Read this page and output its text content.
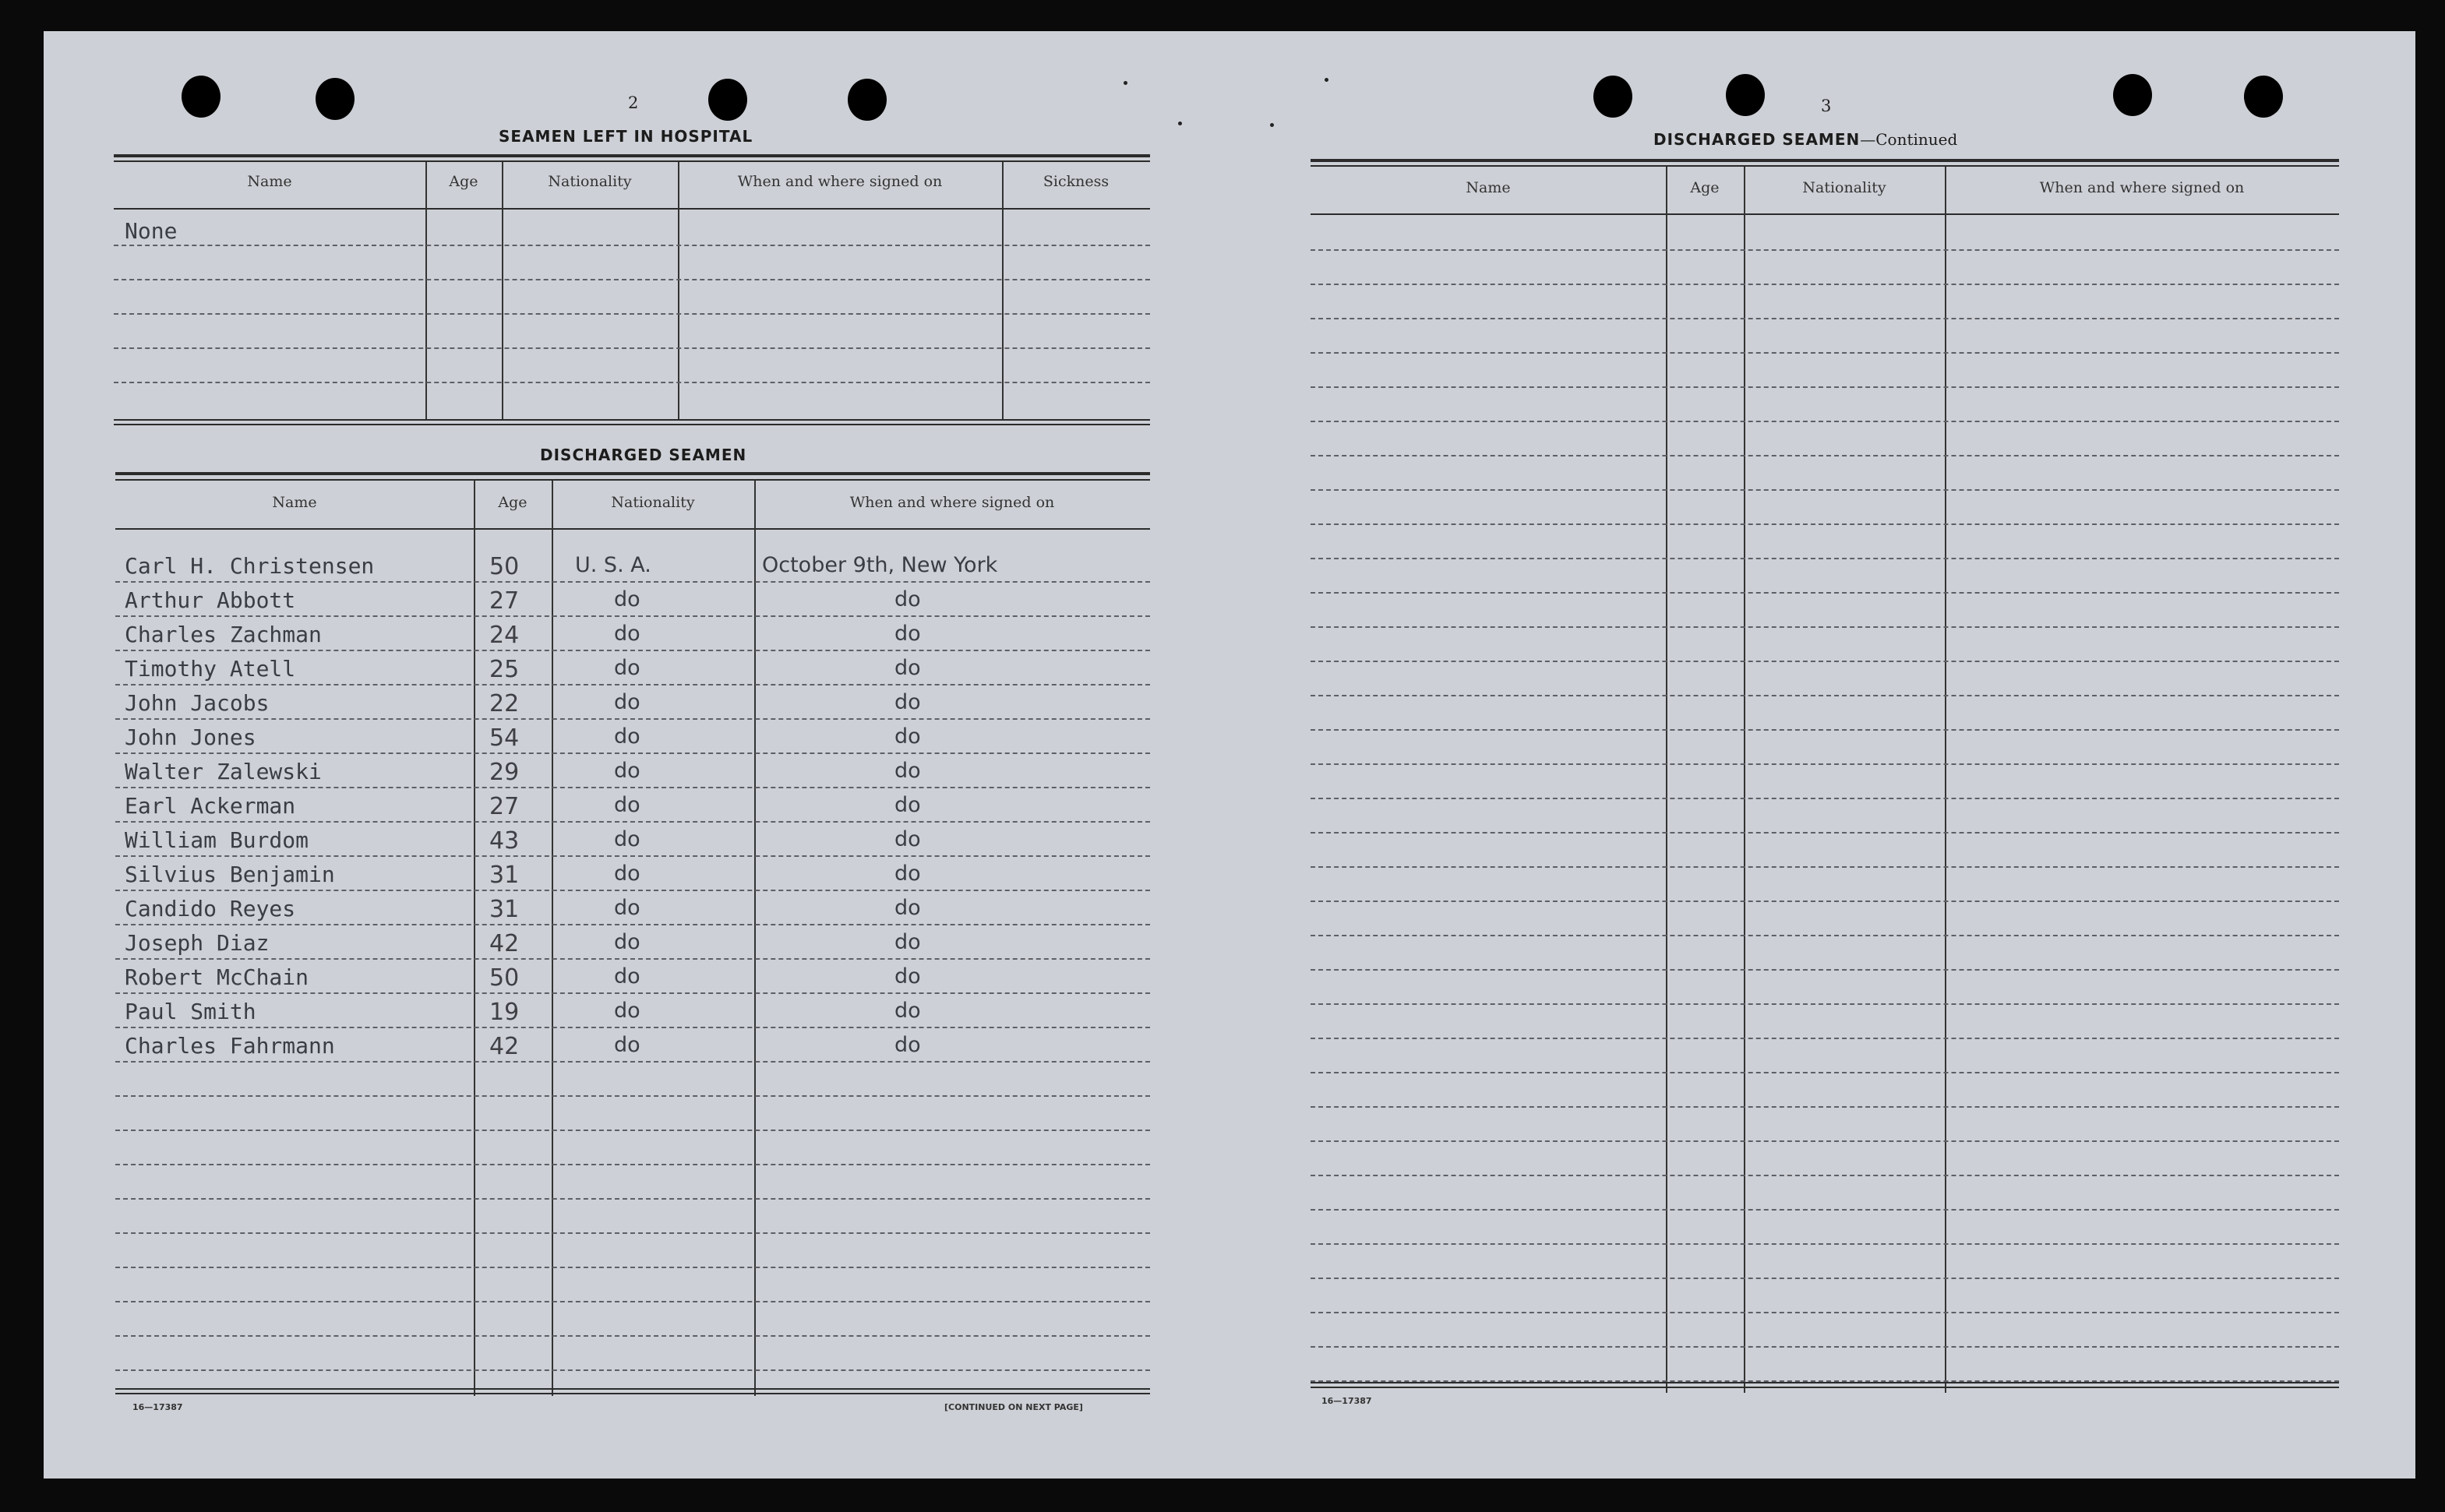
2
SEAMEN LEFT IN HOSPITAL
Name	Age	Nationality	When and where signed on	Sickness
None
DISCHARGED SEAMEN
Name	Age	Nationality	When and where signed on
Carl H. Christensen	50	U. S. A.	October 9th, New York
Arthur Abbott	27	do	do
Charles Zachman	24	do	do
Timothy Atell	25	do	do
John Jacobs	22	do	do
John Jones	54	do	do
Walter Zalewski	29	do	do
Earl Ackerman	27	do	do
William Burdom	43	do	do
Silvius Benjamin	31	do	do
Candido Reyes	31	do	do
Joseph Diaz	42	do	do
Robert McChain	50	do	do
Paul Smith	19	do	do
Charles Fahrmann	42	do	do
16—17387	[CONTINUED ON NEXT PAGE]
3
DISCHARGED SEAMEN—Continued
Name	Age	Nationality	When and where signed on
16—17387
